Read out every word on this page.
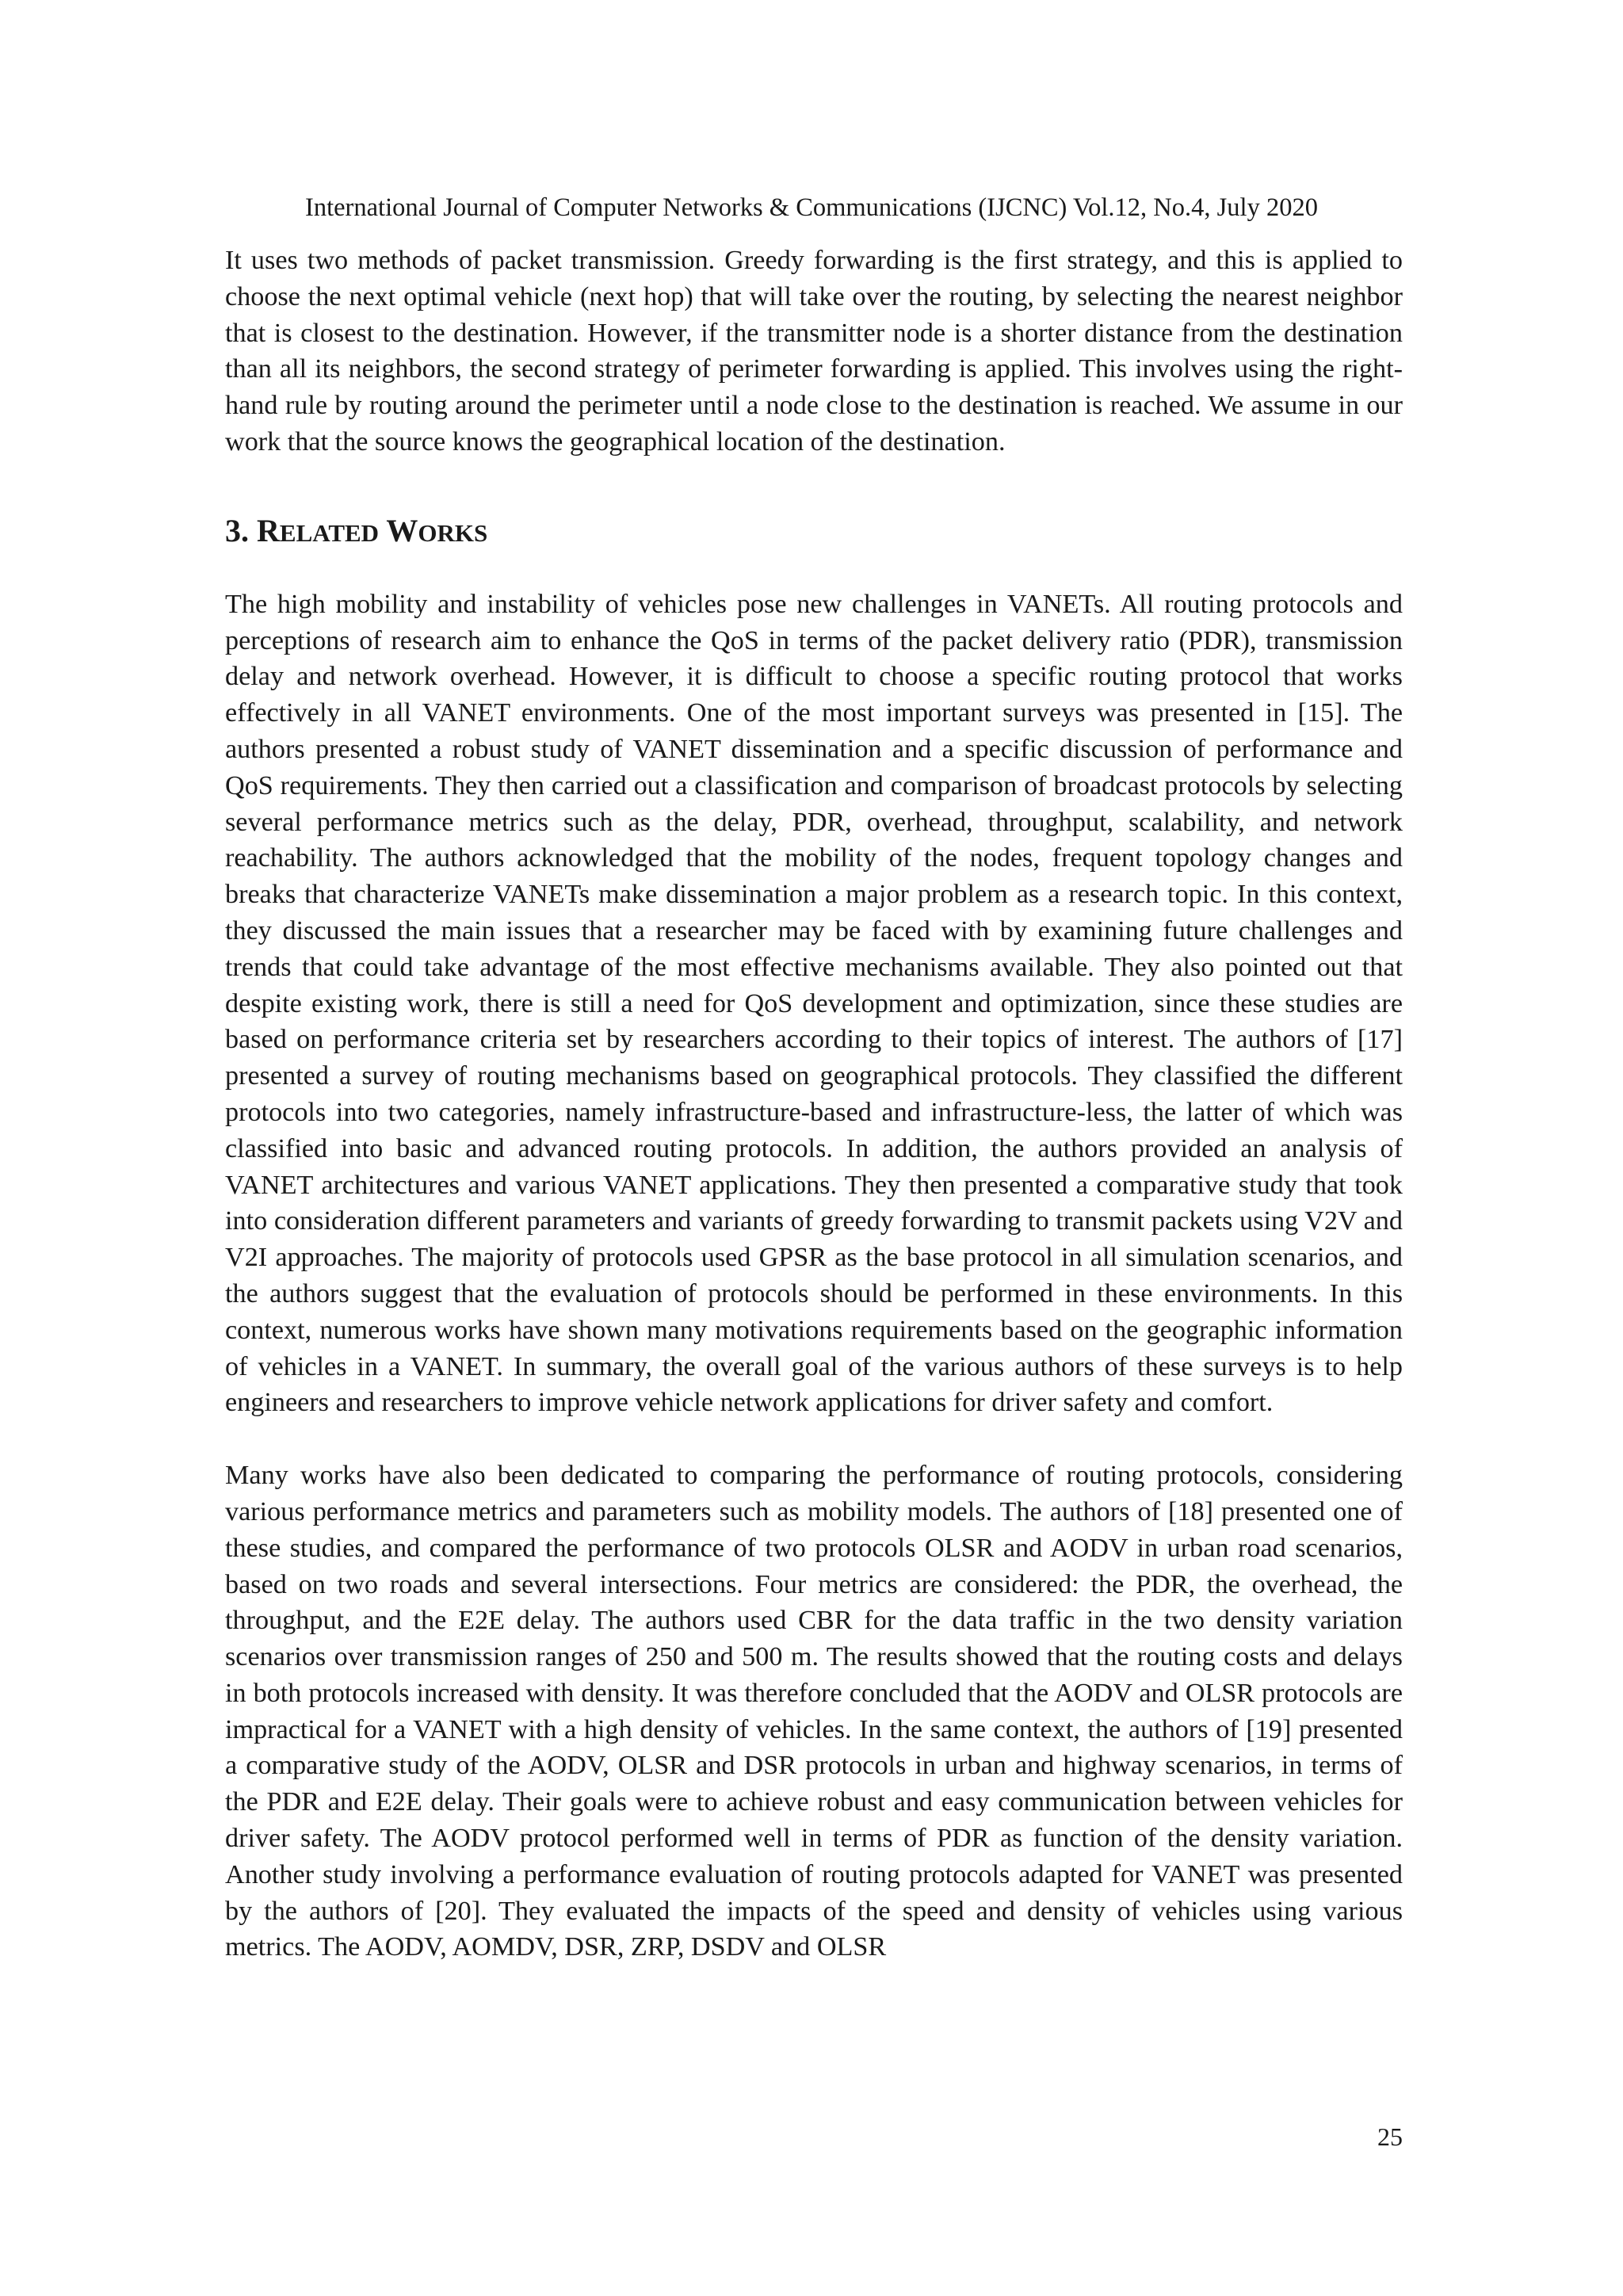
International Journal of Computer Networks & Communications (IJCNC) Vol.12, No.4, July 2020

It uses two methods of packet transmission. Greedy forwarding is the first strategy, and this is applied to choose the next optimal vehicle (next hop) that will take over the routing, by selecting the nearest neighbor that is closest to the destination. However, if the transmitter node is a shorter distance from the destination than all its neighbors, the second strategy of perimeter forwarding is applied. This involves using the right-hand rule by routing around the perimeter until a node close to the destination is reached. We assume in our work that the source knows the geographical location of the destination.

3. RELATED WORKS

The high mobility and instability of vehicles pose new challenges in VANETs. All routing protocols and perceptions of research aim to enhance the QoS in terms of the packet delivery ratio (PDR), transmission delay and network overhead. However, it is difficult to choose a specific routing protocol that works effectively in all VANET environments. One of the most important surveys was presented in [15]. The authors presented a robust study of VANET dissemination and a specific discussion of performance and QoS requirements. They then carried out a classification and comparison of broadcast protocols by selecting several performance metrics such as the delay, PDR, overhead, throughput, scalability, and network reachability. The authors acknowledged that the mobility of the nodes, frequent topology changes and breaks that characterize VANETs make dissemination a major problem as a research topic. In this context, they discussed the main issues that a researcher may be faced with by examining future challenges and trends that could take advantage of the most effective mechanisms available. They also pointed out that despite existing work, there is still a need for QoS development and optimization, since these studies are based on performance criteria set by researchers according to their topics of interest. The authors of [17] presented a survey of routing mechanisms based on geographical protocols. They classified the different protocols into two categories, namely infrastructure-based and infrastructure-less, the latter of which was classified into basic and advanced routing protocols. In addition, the authors provided an analysis of VANET architectures and various VANET applications. They then presented a comparative study that took into consideration different parameters and variants of greedy forwarding to transmit packets using V2V and V2I approaches. The majority of protocols used GPSR as the base protocol in all simulation scenarios, and the authors suggest that the evaluation of protocols should be performed in these environments. In this context, numerous works have shown many motivations requirements based on the geographic information of vehicles in a VANET. In summary, the overall goal of the various authors of these surveys is to help engineers and researchers to improve vehicle network applications for driver safety and comfort.

Many works have also been dedicated to comparing the performance of routing protocols, considering various performance metrics and parameters such as mobility models. The authors of [18] presented one of these studies, and compared the performance of two protocols OLSR and AODV in urban road scenarios, based on two roads and several intersections. Four metrics are considered: the PDR, the overhead, the throughput, and the E2E delay. The authors used CBR for the data traffic in the two density variation scenarios over transmission ranges of 250 and 500 m. The results showed that the routing costs and delays in both protocols increased with density. It was therefore concluded that the AODV and OLSR protocols are impractical for a VANET with a high density of vehicles. In the same context, the authors of [19] presented a comparative study of the AODV, OLSR and DSR protocols in urban and highway scenarios, in terms of the PDR and E2E delay. Their goals were to achieve robust and easy communication between vehicles for driver safety. The AODV protocol performed well in terms of PDR as function of the density variation. Another study involving a performance evaluation of routing protocols adapted for VANET was presented by the authors of [20]. They evaluated the impacts of the speed and density of vehicles using various metrics. The AODV, AOMDV, DSR, ZRP, DSDV and OLSR

25
